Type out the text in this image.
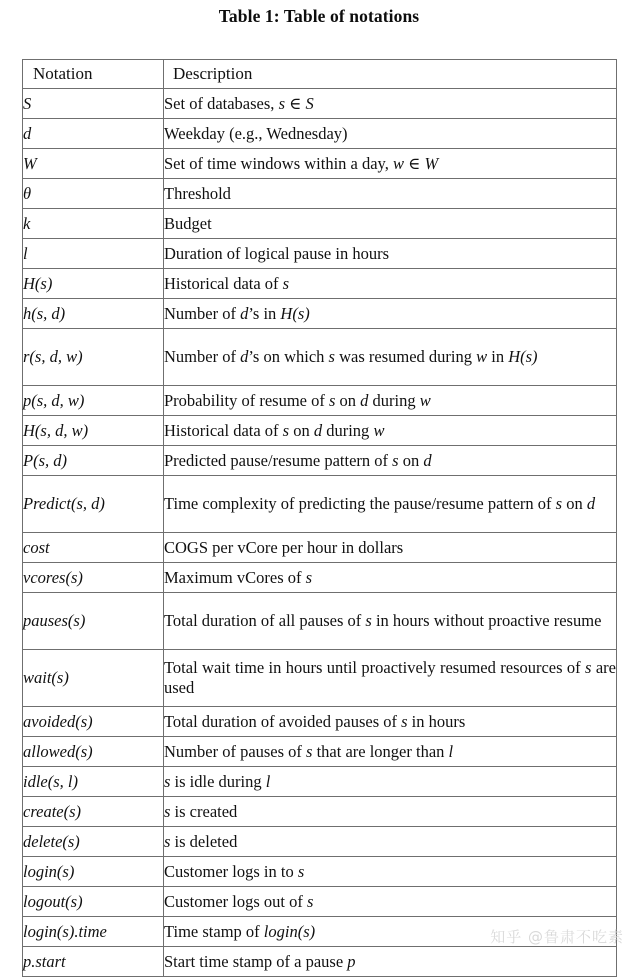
Table 1: Table of notations
Notation	Description
S	Set of databases, s ∈ S
d	Weekday (e.g., Wednesday)
W	Set of time windows within a day, w ∈ W
θ	Threshold
k	Budget
l	Duration of logical pause in hours
H(s)	Historical data of s
h(s, d)	Number of d’s in H(s)
r(s, d, w)	Number of d’s on which s was resumed during w in H(s)
p(s, d, w)	Probability of resume of s on d during w
H(s, d, w)	Historical data of s on d during w
P(s, d)	Predicted pause/resume pattern of s on d
Predict(s, d)	Time complexity of predicting the pause/resume pattern of s on d
cost	COGS per vCore per hour in dollars
vcores(s)	Maximum vCores of s
pauses(s)	Total duration of all pauses of s in hours without proactive resume
wait(s)	Total wait time in hours until proactively resumed resources of s are used
avoided(s)	Total duration of avoided pauses of s in hours
allowed(s)	Number of pauses of s that are longer than l
idle(s, l)	s is idle during l
create(s)	s is created
delete(s)	s is deleted
login(s)	Customer logs in to s
logout(s)	Customer logs out of s
login(s).time	Time stamp of login(s)
p.start	Start time stamp of a pause p
知乎 @鲁肃不吃素
